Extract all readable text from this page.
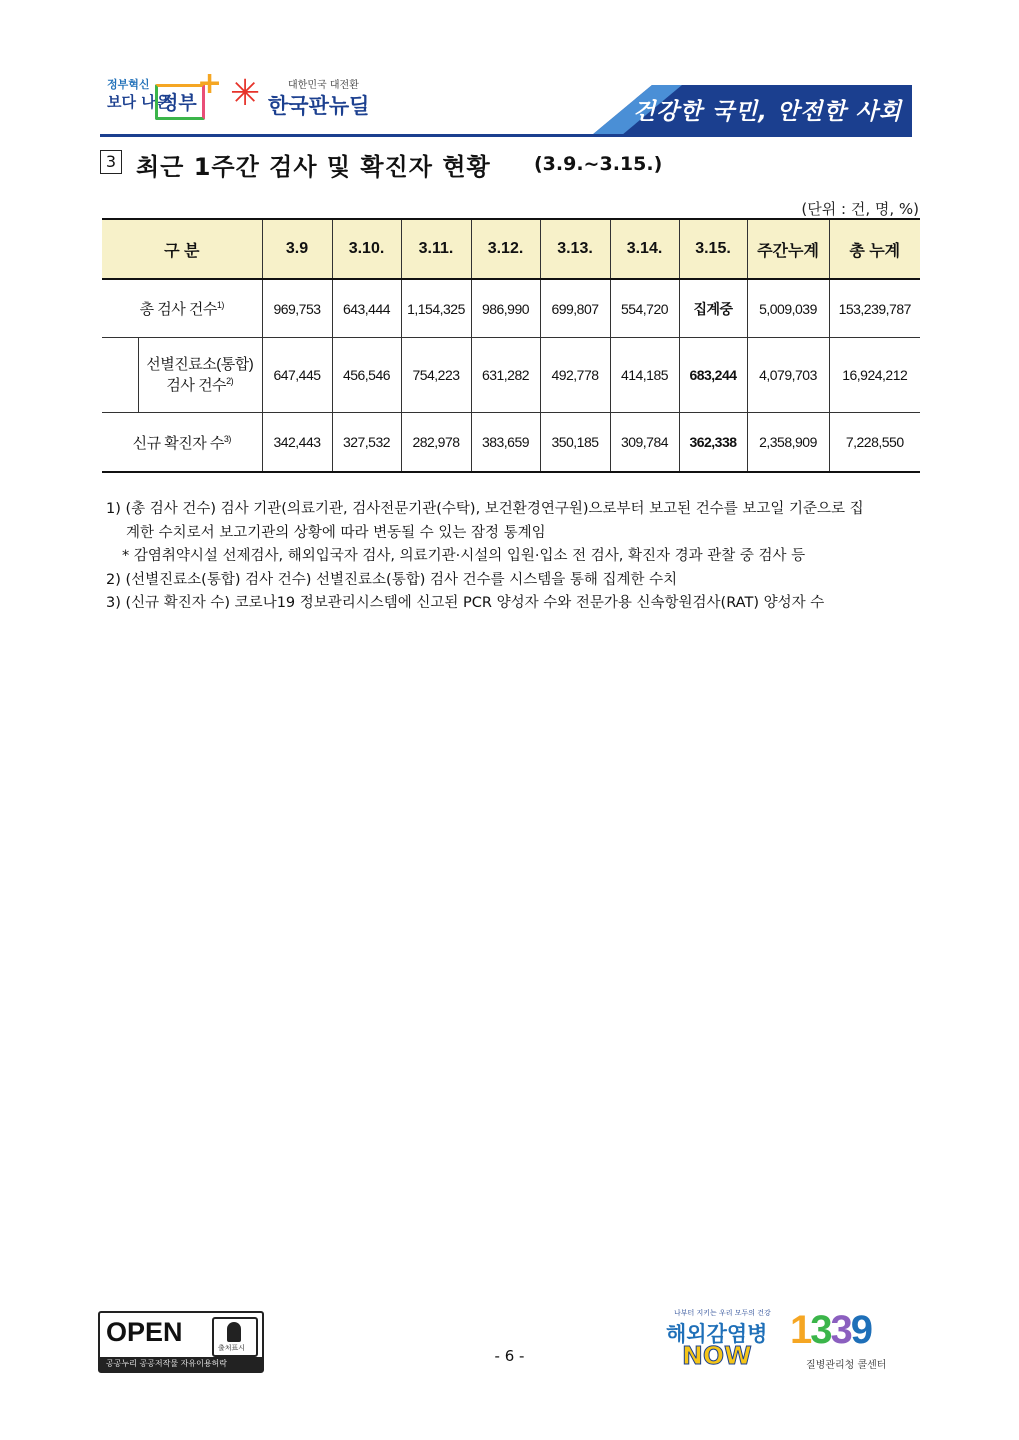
정부혁신
보다 나은
정부
+ ✳	대한민국 대전환
한국판뉴딜	건강한 국민, 안전한 사회
3 최근 1주간 검사 및 확진자 현황 (3.9.~3.15.)
(단위 : 건, 명, %)
구 분	3.9	3.10.	3.11.	3.12.	3.13.	3.14.	3.15.	주간누계	총 누계
총 검사 건수$^{1)}$	969,753	643,444	1,154,325	986,990	699,807	554,720	집계중	5,009,039	153,239,787

선별진료소(통합)
검사 건수$^{2)}$	647,445	456,546	754,223	631,282	492,778	414,185	683,244	4,079,703	16,924,212
신규 확진자 수$^{3)}$	342,443	327,532	282,978	383,659	350,185	309,784	362,338	2,358,909	7,228,550

1) (총 검사 건수) 검사 기관(의료기관, 검사전문기관(수탁), 보건환경연구원)으로부터 보고된 건수를 보고일 기준으로 집

계한 수치로서 보고기관의 상황에 따라 변동될 수 있는 잠정 통계임

* 감염취약시설 선제검사, 해외입국자 검사, 의료기관·시설의 입원·입소 전 검사, 확진자 경과 관찰 중 검사 등

2) (선별진료소(통합) 검사 건수) 선별진료소(통합) 검사 건수를 시스템을 통해 집계한 수치

3) (신규 확진자 수) 코로나19 정보관리시스템에 신고된 PCR 양성자 수와 전문가용 신속항원검사(RAT) 양성자 수

OPEN
출처표시
공공누리 공공저작물 자유이용허락	- 6 -
나부터 지키는 우리 모두의 건강
해외감염병
NOW
1339
질병관리청 콜센터
